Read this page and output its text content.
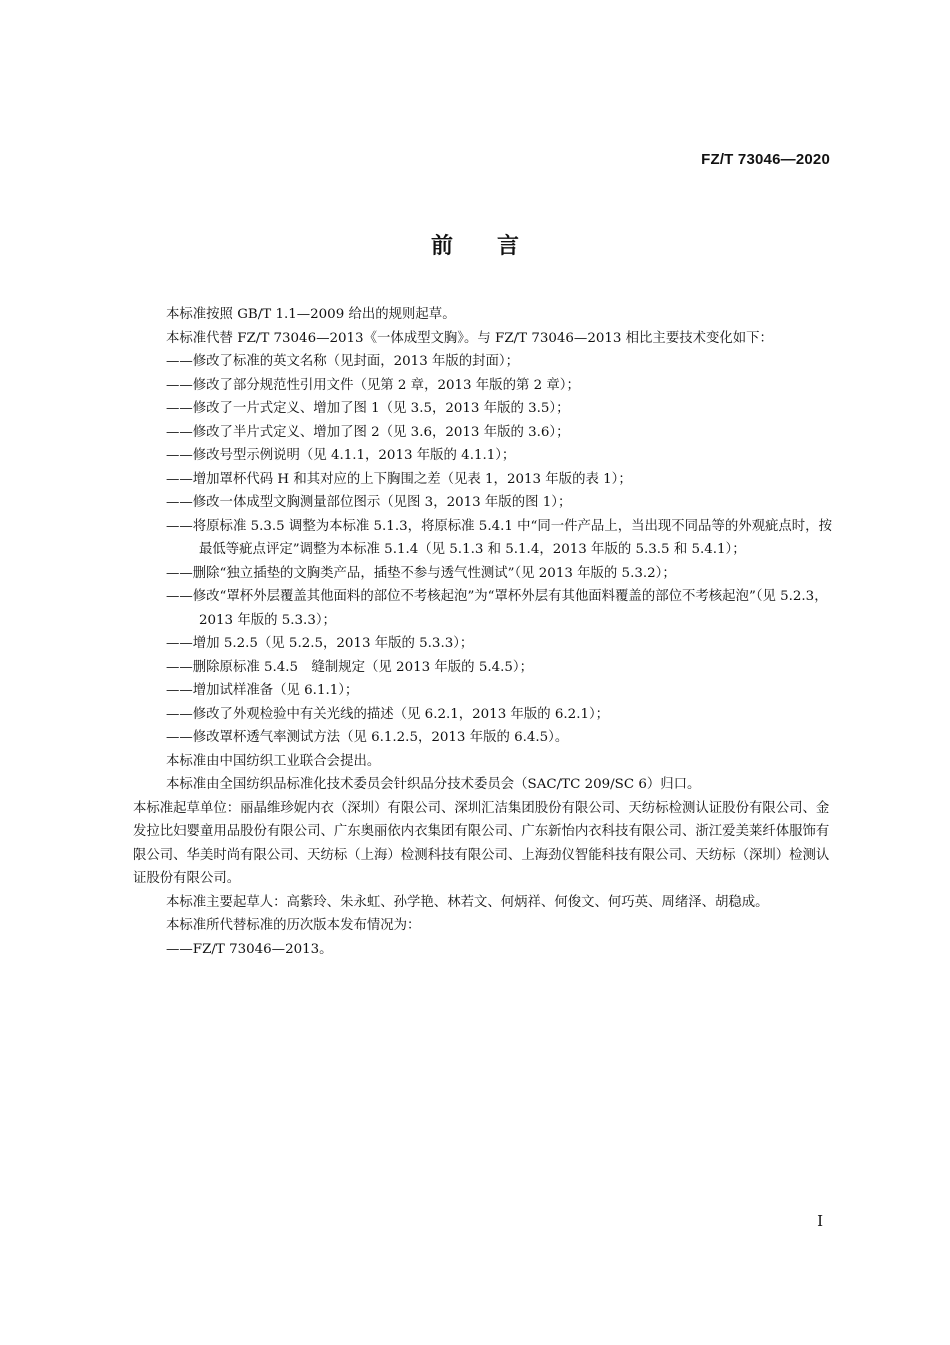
FZ/T 73046—2020
前言

本标准按照 GB/T 1.1—2009 给出的规则起草。

本标准代替 FZ/T 73046—2013《一体成型文胸》。与 FZ/T 73046—2013 相比主要技术变化如下：

——修改了标准的英文名称（见封面，2013 年版的封面）；

——修改了部分规范性引用文件（见第 2 章，2013 年版的第 2 章）；

——修改了一片式定义、增加了图 1（见 3.5，2013 年版的 3.5）；

——修改了半片式定义、增加了图 2（见 3.6，2013 年版的 3.6）；

——修改号型示例说明（见 4.1.1，2013 年版的 4.1.1）；

——增加罩杯代码 H 和其对应的上下胸围之差（见表 1，2013 年版的表 1）；

——修改一体成型文胸测量部位图示（见图 3，2013 年版的图 1）；

——将原标准 5.3.5 调整为本标准 5.1.3，将原标准 5.4.1 中“同一件产品上，当出现不同品等的外观疵点时，按最低等疵点评定”调整为本标准 5.1.4（见 5.1.3 和 5.1.4，2013 年版的 5.3.5 和 5.4.1）；

——删除“独立插垫的文胸类产品，插垫不参与透气性测试”（见 2013 年版的 5.3.2）；

——修改“罩杯外层覆盖其他面料的部位不考核起泡”为“罩杯外层有其他面料覆盖的部位不考核起泡”（见 5.2.3，2013 年版的 5.3.3）；

——增加 5.2.5（见 5.2.5，2013 年版的 5.3.3）；

——删除原标准 5.4.5　缝制规定（见 2013 年版的 5.4.5）；

——增加试样准备（见 6.1.1）；

——修改了外观检验中有关光线的描述（见 6.2.1，2013 年版的 6.2.1）；

——修改罩杯透气率测试方法（见 6.1.2.5，2013 年版的 6.4.5）。

本标准由中国纺织工业联合会提出。

本标准由全国纺织品标准化技术委员会针织品分技术委员会（SAC/TC 209/SC 6）归口。

本标准起草单位：丽晶维珍妮内衣（深圳）有限公司、深圳汇洁集团股份有限公司、天纺标检测认证股份有限公司、金发拉比妇婴童用品股份有限公司、广东奥丽依内衣集团有限公司、广东新怡内衣科技有限公司、浙江爱美莱纤体服饰有限公司、华美时尚有限公司、天纺标（上海）检测科技有限公司、上海劲仪智能科技有限公司、天纺标（深圳）检测认证股份有限公司。

本标准主要起草人：高紫玲、朱永虹、孙学艳、林若文、何炳祥、何俊文、何巧英、周绪泽、胡稳成。

本标准所代替标准的历次版本发布情况为：

——FZ/T 73046—2013。

I
